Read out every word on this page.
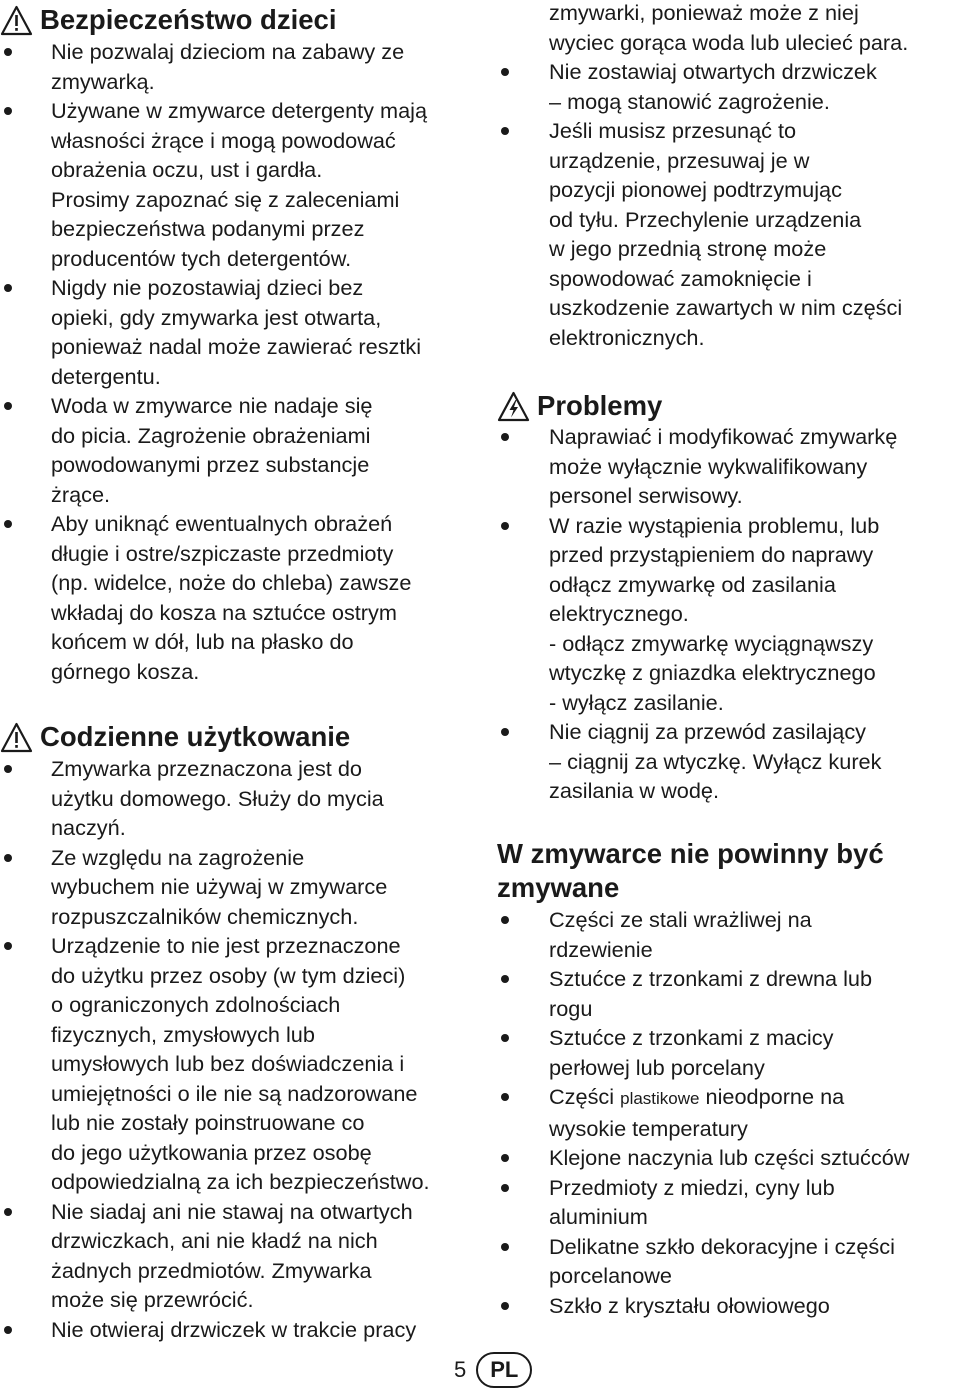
Bezpieczeństwo dzieci
Nie pozwalaj dzieciom na zabawy ze
zmywarką.
Używane w zmywarce detergenty mają
własności żrące i mogą powodować
obrażenia oczu, ust i gardła.
Prosimy zapoznać się z zaleceniami
bezpieczeństwa podanymi przez
producentów tych detergentów.
Nigdy nie pozostawiaj dzieci bez
opieki, gdy zmywarka jest otwarta,
ponieważ nadal może zawierać resztki
detergentu.
Woda w zmywarce nie nadaje się
do picia. Zagrożenie obrażeniami
powodowanymi przez substancje
żrące.
Aby uniknąć ewentualnych obrażeń
długie i ostre/szpiczaste przedmioty
(np. widelce, noże do chleba) zawsze
wkładaj do kosza na sztućce ostrym
końcem w dół, lub na płasko do
górnego kosza.
Codzienne użytkowanie
Zmywarka przeznaczona jest do
użytku domowego. Służy do mycia
naczyń.
Ze względu na zagrożenie
wybuchem nie używaj w zmywarce
rozpuszczalników chemicznych.
Urządzenie to nie jest przeznaczone
do użytku przez osoby (w tym dzieci)
o ograniczonych zdolnościach
fizycznych, zmysłowych lub
umysłowych lub bez doświadczenia i
umiejętności o ile nie są nadzorowane
lub nie zostały poinstruowane co
do jego użytkowania przez osobę
odpowiedzialną za ich bezpieczeństwo.
Nie siadaj ani nie stawaj na otwartych
drzwiczkach, ani nie kładź na nich
żadnych przedmiotów. Zmywarka
może się przewrócić.
Nie otwieraj drzwiczek w trakcie pracy
zmywarki, ponieważ może z niej
wyciec gorąca woda lub ulecieć para.
Nie zostawiaj otwartych drzwiczek
– mogą stanowić zagrożenie.
Jeśli musisz przesunąć to
urządzenie, przesuwaj je w
pozycji pionowej podtrzymując
od tyłu. Przechylenie urządzenia
w jego przednią stronę może
spowodować zamoknięcie i
uszkodzenie zawartych w nim części
elektronicznych.
Problemy
Naprawiać i modyfikować zmywarkę
może wyłącznie wykwalifikowany
personel serwisowy.
W razie wystąpienia problemu, lub
przed przystąpieniem do naprawy
odłącz zmywarkę od zasilania
elektrycznego.
- odłącz zmywarkę wyciągnąwszy
wtyczkę z gniazdka elektrycznego
- wyłącz zasilanie.
Nie ciągnij za przewód zasilający
– ciągnij za wtyczkę. Wyłącz kurek
zasilania w wodę.
W zmywarce nie powinny być
zmywane
Części ze stali wrażliwej na
rdzewienie
Sztućce z trzonkami z drewna lub
rogu
Sztućce z trzonkami z macicy
perłowej lub porcelany
Części plastikowe nieodporne na
wysokie temperatury
Klejone naczynia lub części sztućców
Przedmioty z miedzi, cyny lub
aluminium
Delikatne szkło dekoracyjne i części
porcelanowe
Szkło z kryształu ołowiowego
5	PL
